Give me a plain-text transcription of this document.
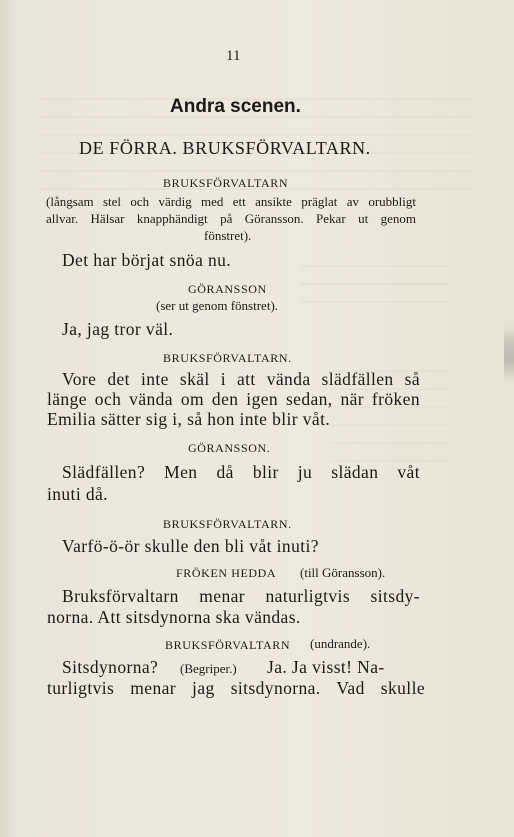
11
Andra scenen.
DE FÖRRA. BRUKSFÖRVALTARN.
BRUKSFÖRVALTARN
(långsam stel och värdig med ett ansikte präglat av orubbligt
allvar. Hälsar knapphändigt på Göransson. Pekar ut genom
fönstret).
Det har börjat snöa nu.
GÖRANSSON
(ser ut genom fönstret).
Ja, jag tror väl.
BRUKSFÖRVALTARN.
Vore det inte skäl i att vända slädfällen så
länge och vända om den igen sedan, när fröken
Emilia sätter sig i, så hon inte blir våt.
GÖRANSSON.
Slädfällen? Men då blir ju slädan våt
inuti då.
BRUKSFÖRVALTARN.
Varfö-ö-ör skulle den bli våt inuti?
FRÖKEN HEDDA (till Göransson).
Bruksförvaltarn menar naturligtvis sitsdy-
norna. Att sitsdynorna ska vändas.
BRUKSFÖRVALTARN (undrande).
Sitsdynorna? (Begriper.) Ja. Ja visst! Na-
turligtvis menar jag sitsdynorna. Vad skulle
